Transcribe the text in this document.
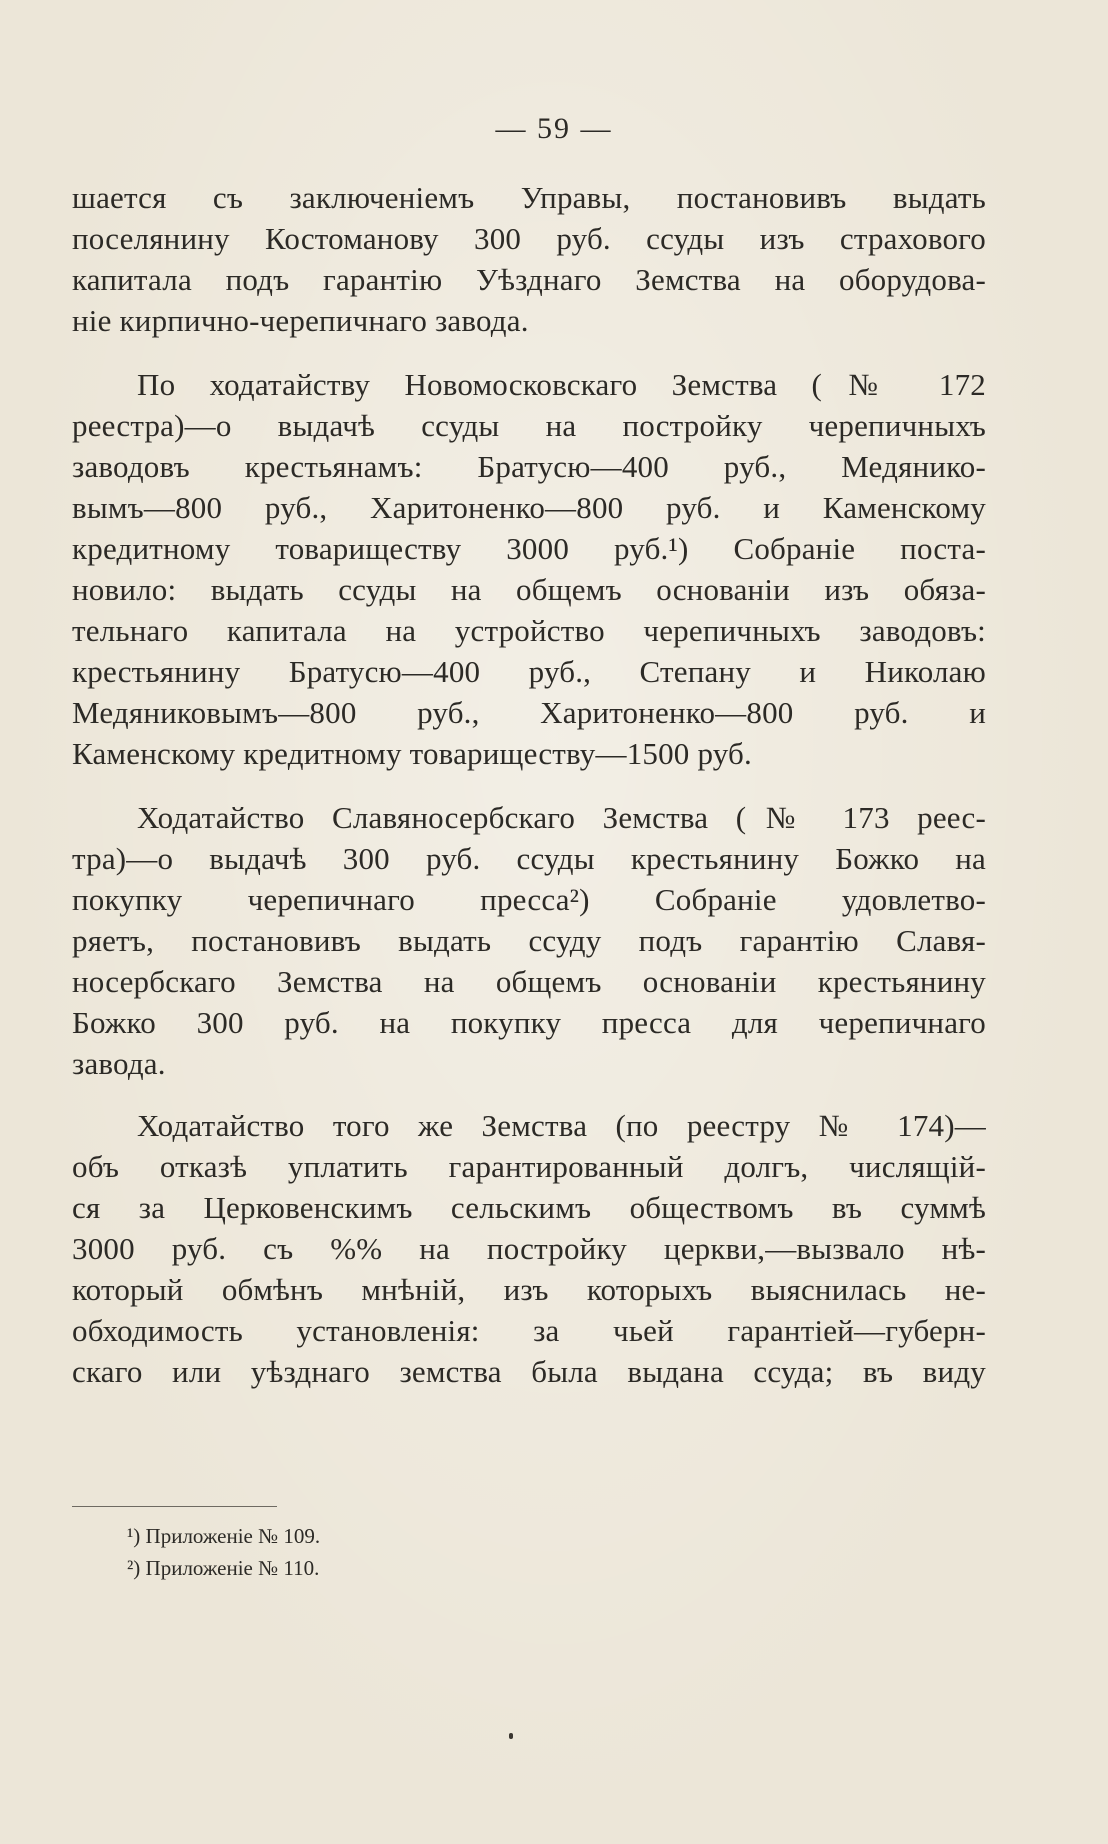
— 59 —
шается съ заключеніемъ Управы, постановивъ выдать
поселянину Костоманову 300 руб. ссуды изъ страхового
капитала подъ гарантію Уѣзднаго Земства на оборудова-
ніе кирпично-черепичнаго завода.
По ходатайству Новомосковскаго Земства (№ 172
реестра)—о выдачѣ ссуды на постройку черепичныхъ
заводовъ крестьянамъ: Братусю—400 руб., Медянико-
вымъ—800 руб., Харитоненко—800 руб. и Каменскому
кредитному товариществу 3000 руб.¹) Собраніе поста-
новило: выдать ссуды на общемъ основаніи изъ обяза-
тельнаго капитала на устройство черепичныхъ заводовъ:
крестьянину Братусю—400 руб., Степану и Николаю
Медяниковымъ—800 руб., Харитоненко—800 руб. и
Каменскому кредитному товариществу—1500 руб.
Ходатайство Славяносербскаго Земства (№ 173 реес-
тра)—о выдачѣ 300 руб. ссуды крестьянину Божко на
покупку черепичнаго пресса²) Собраніе удовлетво-
ряетъ, постановивъ выдать ссуду подъ гарантію Славя-
носербскаго Земства на общемъ основаніи крестьянину
Божко 300 руб. на покупку пресса для черепичнаго
завода.
Ходатайство того же Земства (по реестру № 174)—
объ отказѣ уплатить гарантированный долгъ, числящій-
ся за Церковенскимъ сельскимъ обществомъ въ суммѣ
3000 руб. съ %% на постройку церкви,—вызвало нѣ-
который обмѣнъ мнѣній, изъ которыхъ выяснилась не-
обходимость установленія: за чьей гарантіей—губерн-
скаго или уѣзднаго земства была выдана ссуда; въ виду
¹) Приложеніе № 109.
²) Приложеніе № 110.
